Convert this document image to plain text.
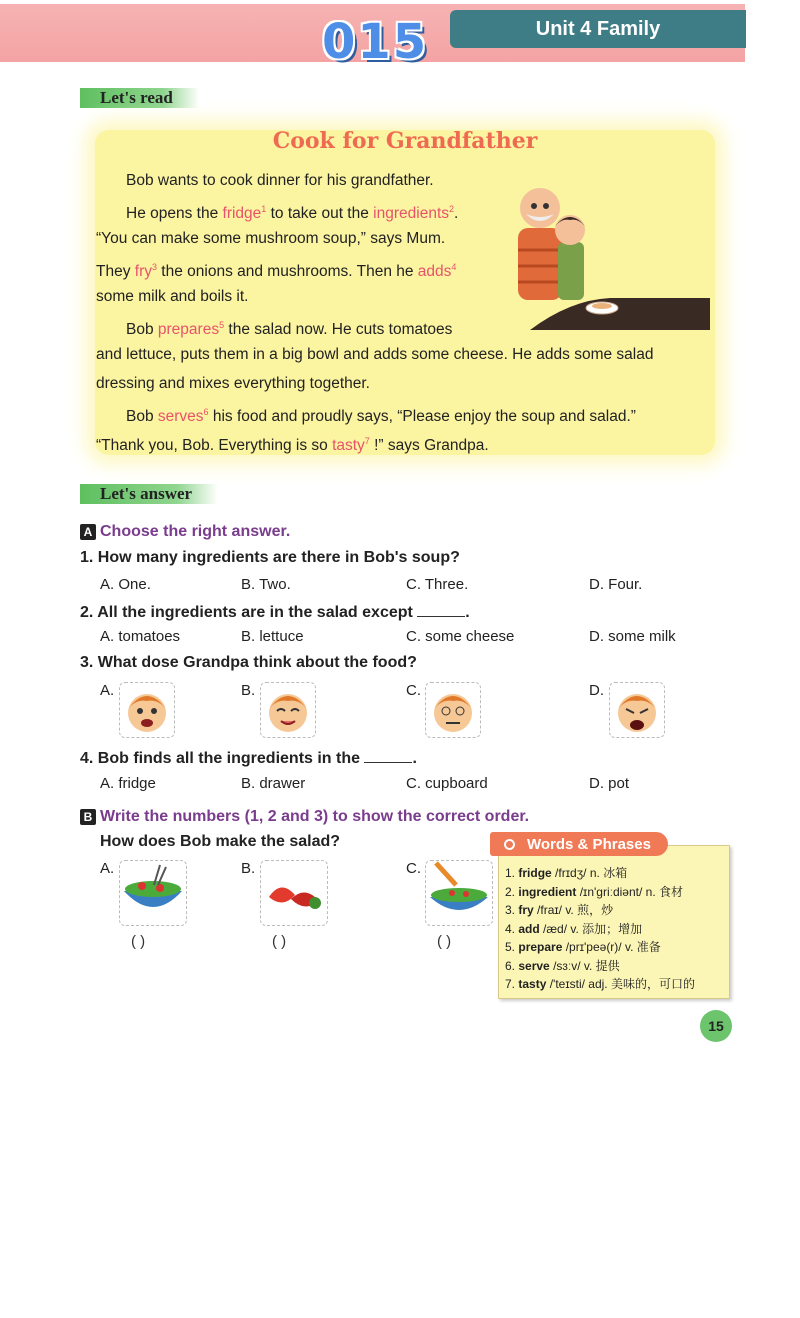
015	Unit 4 Family
Let's read
Cook for Grandfather
Bob wants to cook dinner for his grandfather.
He opens the fridge$^1$ to take out the ingredients$^2$.
“You can make some mushroom soup,” says Mum.
They fry$^3$ the onions and mushrooms. Then he adds$^4$
some milk and boils it.
Bob prepares$^5$ the salad now. He cuts tomatoes
and lettuce, puts them in a big bowl and adds some cheese. He adds some salad
dressing and mixes everything together.
Bob serves$^6$ his food and proudly says, “Please enjoy the soup and salad.”
“Thank you, Bob. Everything is so tasty$^7$ !” says Grandpa.
Let's answer
A Choose the right answer.
1. How many ingredients are there in Bob's soup?
A. One.	B. Two.	C. Three.	D. Four.
2. All the ingredients are in the salad except	.
A. tomatoes	B. lettuce	C. some cheese	D. some milk
3. What dose Grandpa think about the food?
A.	B.	C.	D.
4. Bob finds all the ingredients in the	.
A. fridge	B. drawer	C. cupboard	D. pot
B Write the numbers (1, 2 and 3) to show the correct order.
How does Bob make the salad?
A.	B.	C.
( )	( )	( )
Words & Phrases
1. fridge /frɪdʒ/ n. 冰箱
2. ingredient /ɪn'griːdiənt/ n. 食材
3. fry /fraɪ/ v. 煎，炒
4. add /æd/ v. 添加；增加
5. prepare /prɪ'peə(r)/ v. 准备
6. serve /sɜːv/ v. 提供
7. tasty /'teɪsti/ adj. 美味的，可口的
15
